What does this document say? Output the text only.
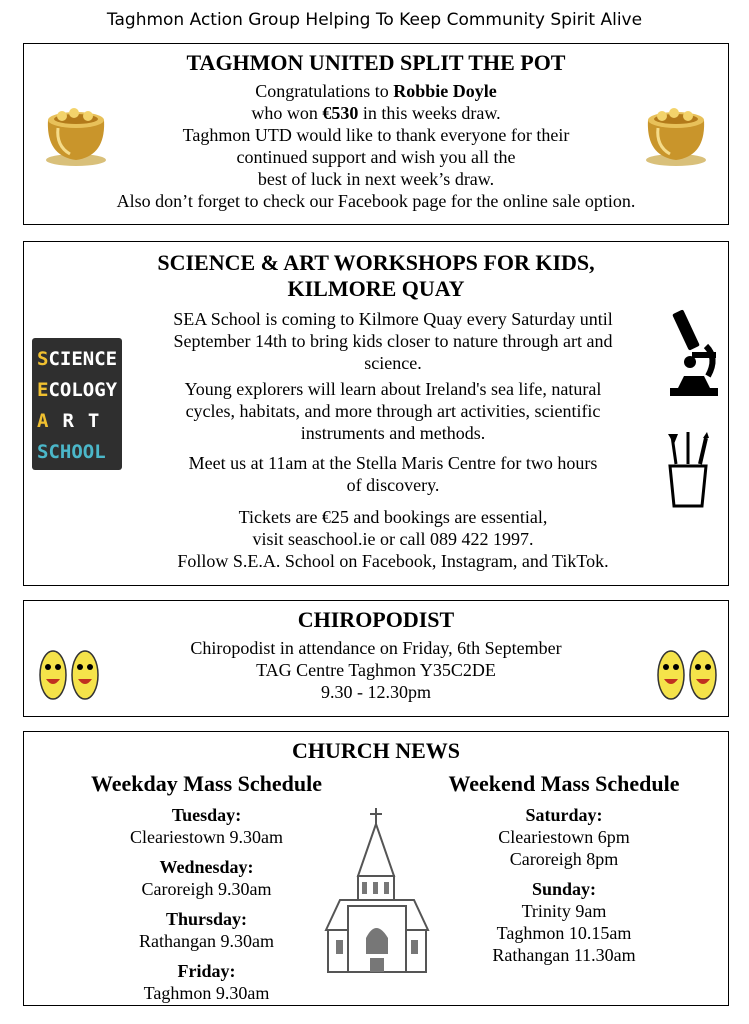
Taghmon Action Group Helping To Keep Community Spirit Alive
TAGHMON UNITED SPLIT THE POT
Congratulations to Robbie Doyle
who won €530 in this weeks draw.
Taghmon UTD would like to thank everyone for their
continued support and wish you all the
best of luck in next week’s draw.
Also don’t forget to check our Facebook page for the online sale option.
SCIENCE & ART WORKSHOPS FOR KIDS,
KILMORE QUAY
SEA School is coming to Kilmore Quay every Saturday until
September 14th to bring kids closer to nature through art and
science.
Young explorers will learn about Ireland's sea life, natural
cycles, habitats, and more through art activities, scientific
instruments and methods.
Meet us at 11am at the Stella Maris Centre for two hours
of discovery.
Tickets are €25 and bookings are essential,
visit seaschool.ie or call 089 422 1997.
Follow S.E.A. School on Facebook, Instagram, and TikTok.
SCIENCE
ECOLOGY
ART
SCHOOL
CHIROPODIST
Chiropodist in attendance on Friday, 6th September
TAG Centre Taghmon Y35C2DE
9.30 - 12.30pm
CHURCH NEWS
Weekday Mass Schedule
Tuesday:
Cleariestown 9.30am
Wednesday:
Caroreigh 9.30am
Thursday:
Rathangan 9.30am
Friday:
Taghmon 9.30am
Weekend Mass Schedule
Saturday:
Cleariestown 6pm
Caroreigh 8pm
Sunday:
Trinity 9am
Taghmon 10.15am
Rathangan 11.30am
